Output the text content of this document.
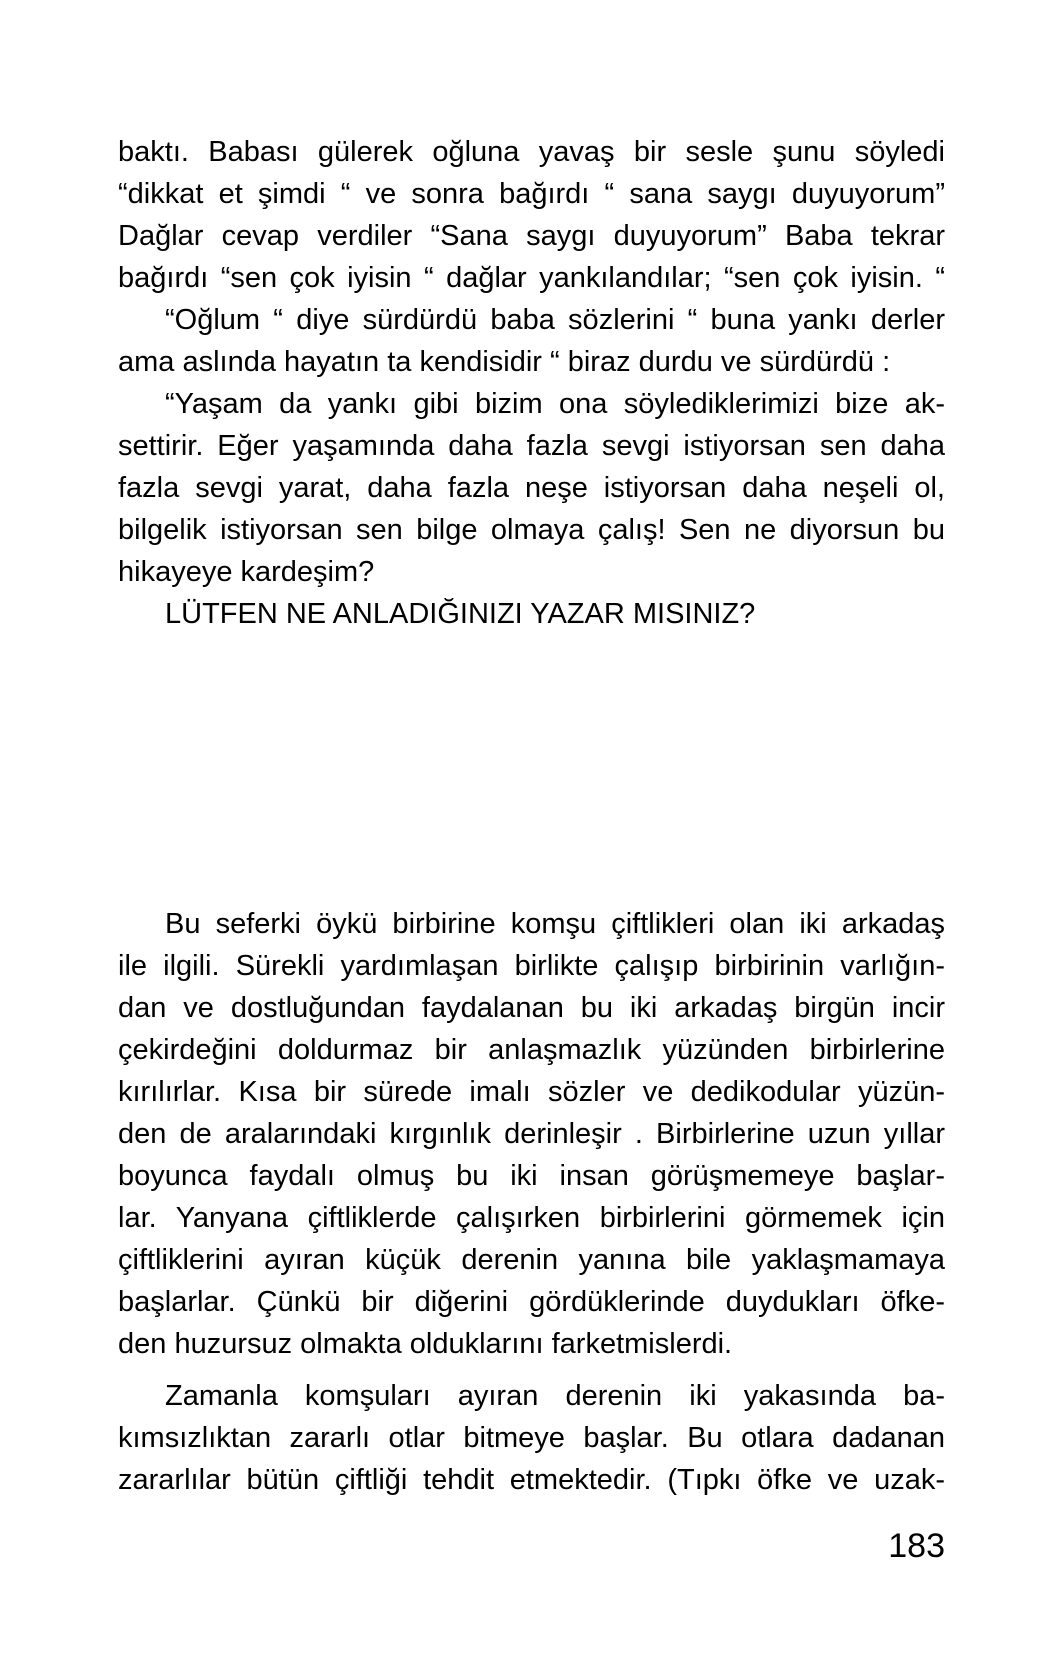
baktı. Babası gülerek oğluna yavaş bir sesle şunu söyledi
“dikkat et şimdi “ ve sonra bağırdı “ sana saygı duyuyorum”
Dağlar cevap verdiler “Sana saygı duyuyorum” Baba tekrar
bağırdı “sen çok iyisin “ dağlar yankılandılar; “sen çok iyisin. “
“Oğlum “ diye sürdürdü baba sözlerini “ buna yankı derler
ama aslında hayatın ta kendisidir “ biraz durdu ve sürdürdü :
“Yaşam da yankı gibi bizim ona söylediklerimizi bize ak-
settirir. Eğer yaşamında daha fazla sevgi istiyorsan sen daha
fazla sevgi yarat, daha fazla neşe istiyorsan daha neşeli ol,
bilgelik istiyorsan sen bilge olmaya çalış! Sen ne diyorsun bu
hikayeye kardeşim?
LÜTFEN NE ANLADIĞINIZI YAZAR MISINIZ?
Bu seferki öykü birbirine komşu çiftlikleri olan iki arkadaş
ile ilgili. Sürekli yardımlaşan birlikte çalışıp birbirinin varlığın-
dan ve dostluğundan faydalanan bu iki arkadaş birgün incir
çekirdeğini doldurmaz bir anlaşmazlık yüzünden birbirlerine
kırılırlar. Kısa bir sürede imalı sözler ve dedikodular yüzün-
den de aralarındaki kırgınlık derinleşir . Birbirlerine uzun yıllar
boyunca faydalı olmuş bu iki insan görüşmemeye başlar-
lar. Yanyana çiftliklerde çalışırken birbirlerini görmemek için
çiftliklerini ayıran küçük derenin yanına bile yaklaşmamaya
başlarlar. Çünkü bir diğerini gördüklerinde duydukları öfke-
den huzursuz olmakta olduklarını farketmislerdi.
Zamanla komşuları ayıran derenin iki yakasında ba-
kımsızlıktan zararlı otlar bitmeye başlar. Bu otlara dadanan
zararlılar bütün çiftliği tehdit etmektedir. (Tıpkı öfke ve uzak-
183
